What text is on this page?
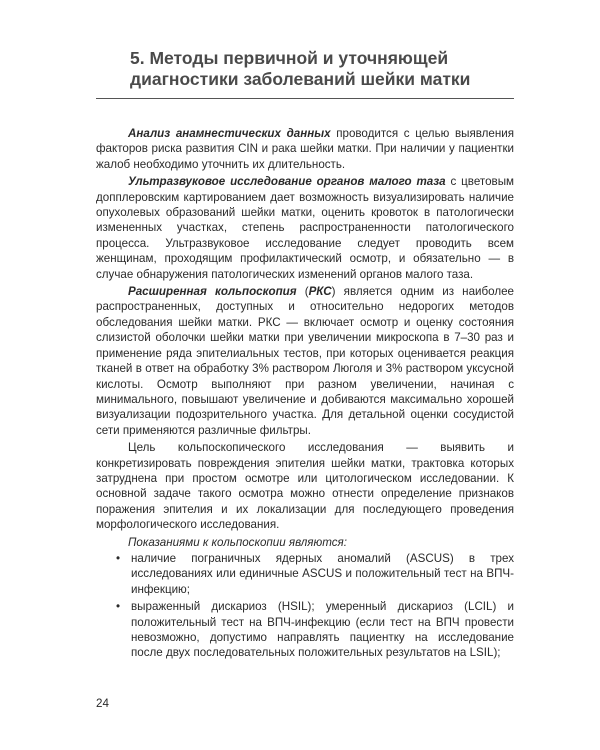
5. Методы первичной и уточняющей
диагностики заболеваний шейки матки

Анализ анамнестических данных проводится с целью выявления факторов риска развития CIN и рака шейки матки. При наличии у пациентки жалоб необходимо уточнить их длительность.

Ультразвуковое исследование органов малого таза с цветовым допплеровским картированием дает возможность визуализировать наличие опухолевых образований шейки матки, оценить кровоток в патологически измененных участках, степень распространенности патологического процесса. Ультразвуковое исследование следует проводить всем женщинам, проходящим профилактический осмотр, и обязательно — в случае обнаружения патологических изменений органов малого таза.

Расширенная кольпоскопия (РКС) является одним из наиболее распространенных, доступных и относительно недорогих методов обследования шейки матки. РКС — включает осмотр и оценку состояния слизистой оболочки шейки матки при увеличении микроскопа в 7–30 раз и применение ряда эпителиальных тестов, при которых оценивается реакция тканей в ответ на обработку 3% раствором Люголя и 3% раствором уксусной кислоты. Осмотр выполняют при разном увеличении, начиная с минимального, повышают увеличение и добиваются максимально хорошей визуализации подозрительного участка. Для детальной оценки сосудистой сети применяются различные фильтры.

Цель кольпоскопического исследования — выявить и конкретизировать повреждения эпителия шейки матки, трактовка которых затруднена при простом осмотре или цитологическом исследовании. К основной задаче такого осмотра можно отнести определение признаков поражения эпителия и их локализации для последующего проведения морфологического исследования.

Показаниями к кольпоскопии являются:

• наличие пограничных ядерных аномалий (ASCUS) в трех исследованиях или единичные ASCUS и положительный тест на ВПЧ-инфекцию;
• выраженный дискариоз (HSIL); умеренный дискариоз (LCIL) и положительный тест на ВПЧ-инфекцию (если тест на ВПЧ провести невозможно, допустимо направлять пациентку на исследование после двух последовательных положительных результатов на LSIL);
24
